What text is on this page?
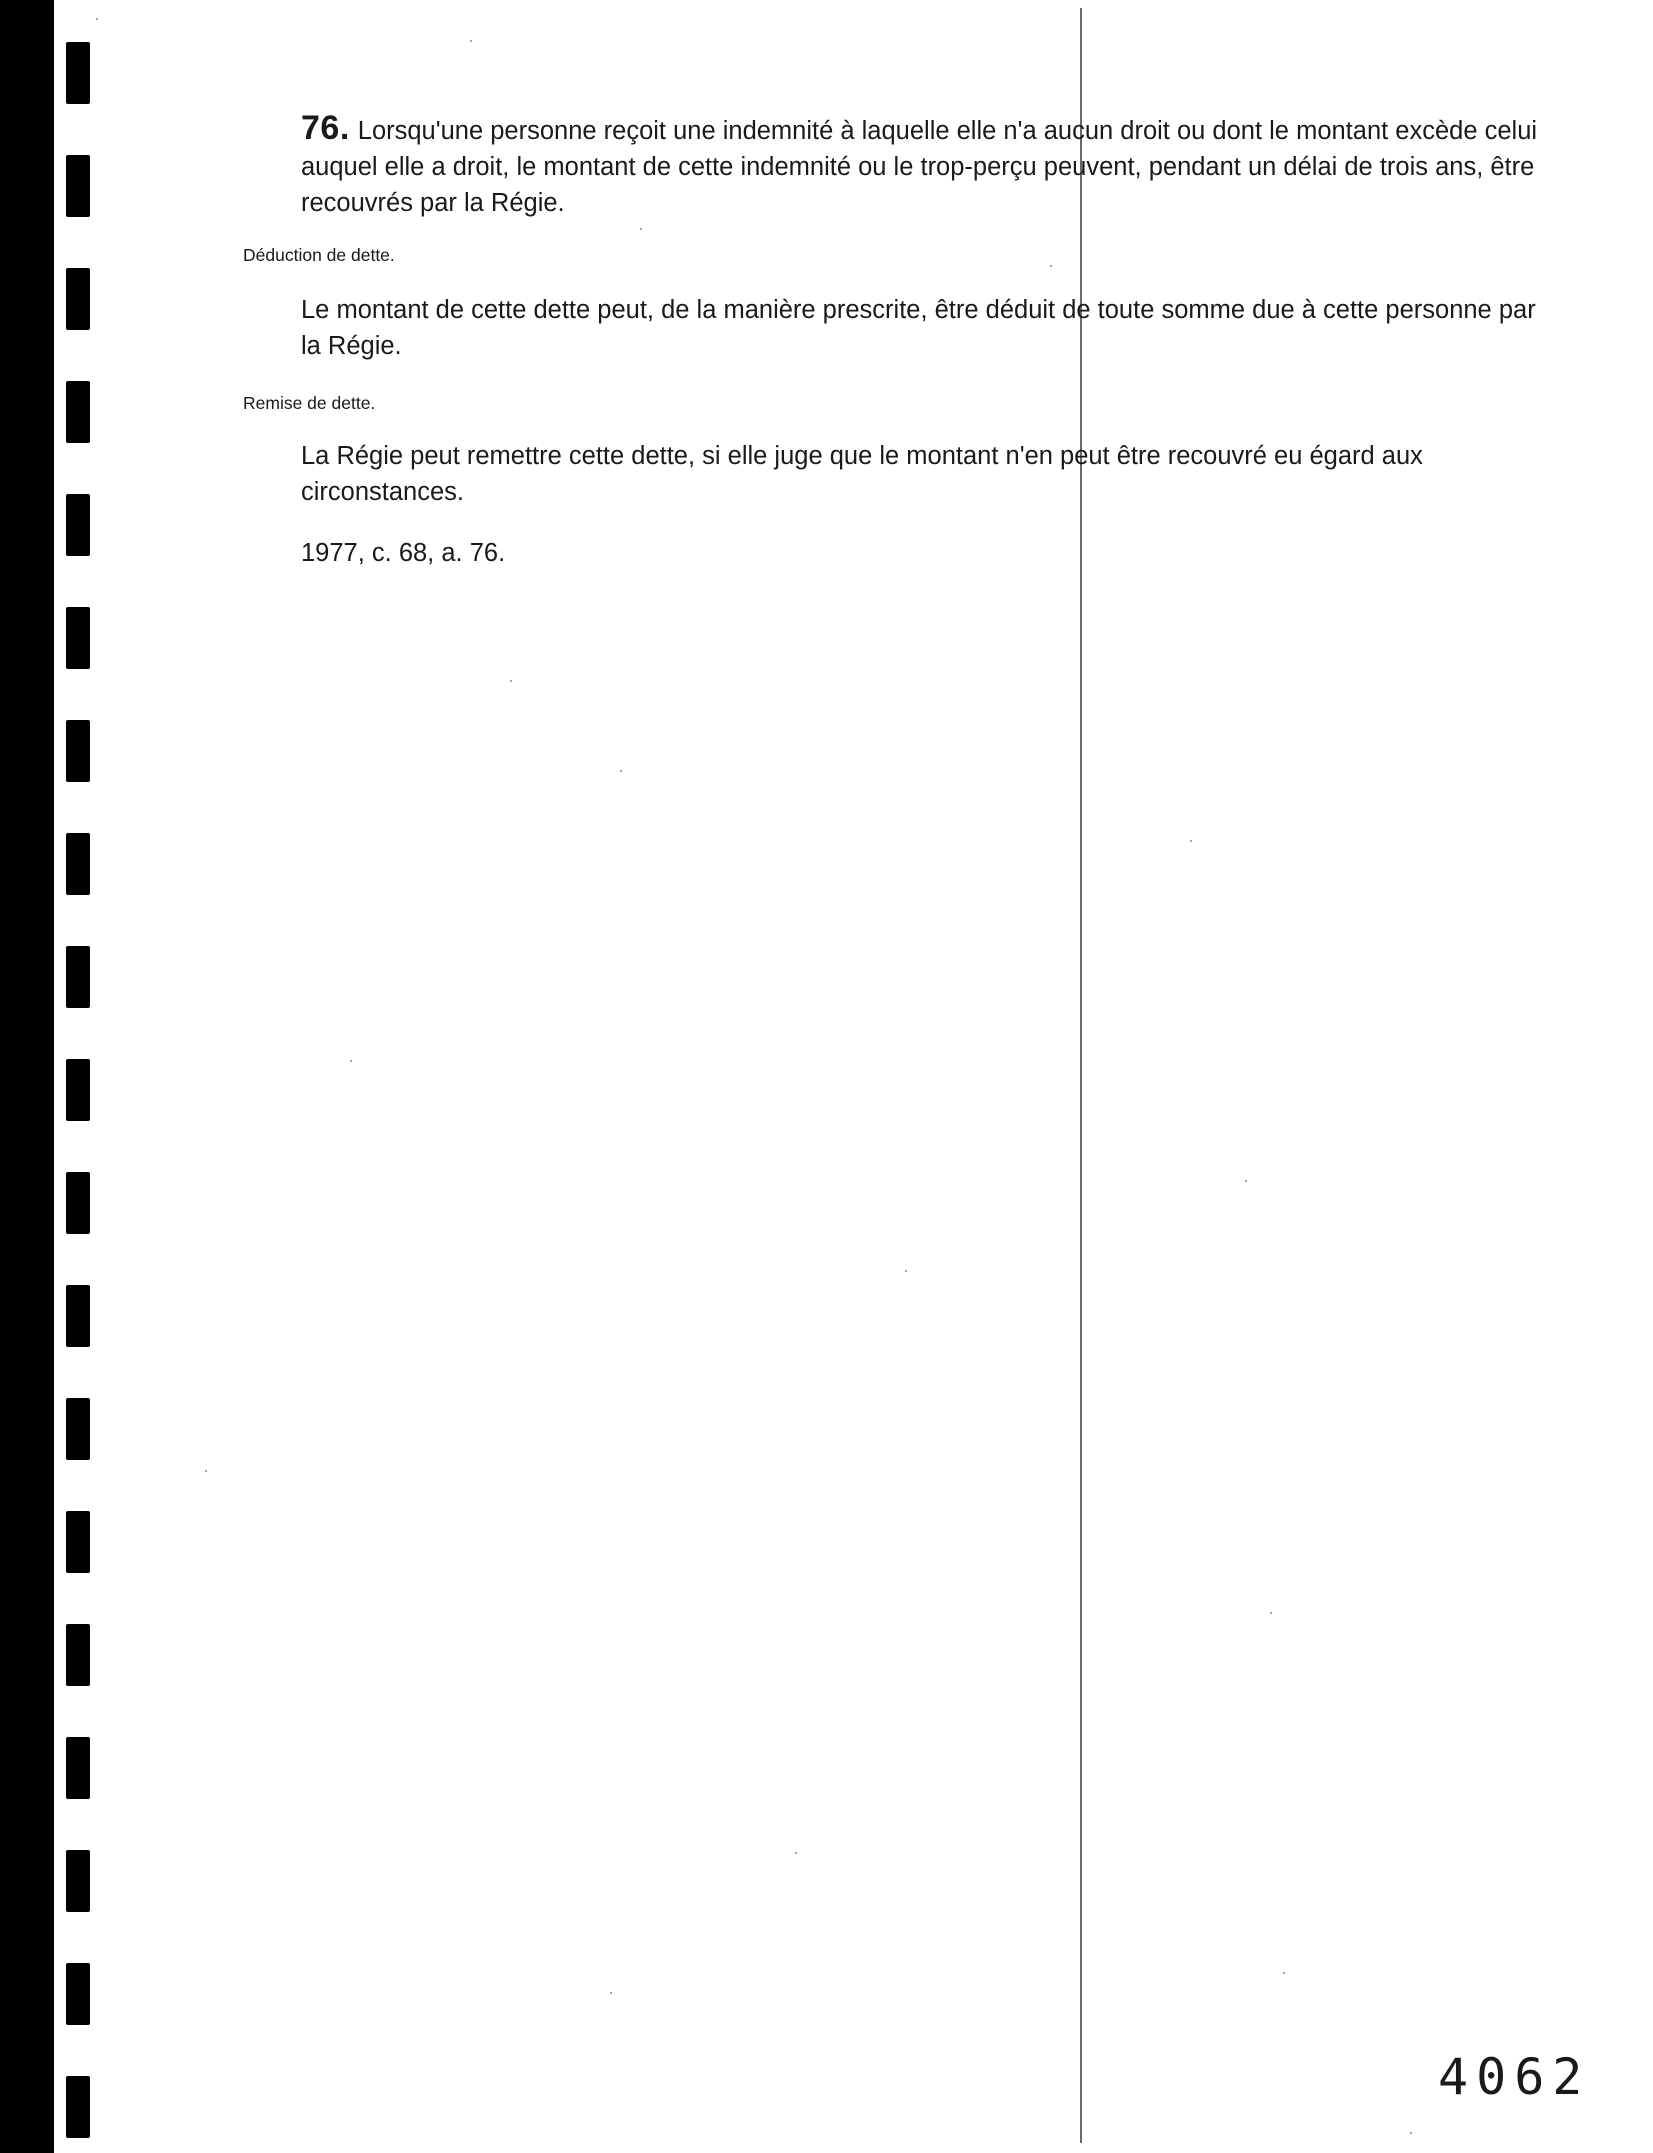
76. Lorsqu'une personne reçoit une indemnité à laquelle elle n'a aucun droit ou dont le montant excède celui auquel elle a droit, le montant de cette indemnité ou le trop-perçu peuvent, pendant un délai de trois ans, être recouvrés par la Régie.

Déduction de dette.

Le montant de cette dette peut, de la manière prescrite, être déduit de toute somme due à cette personne par la Régie.

Remise de dette.

La Régie peut remettre cette dette, si elle juge que le montant n'en peut être recouvré eu égard aux circonstances.

1977, c. 68, a. 76.

4062
